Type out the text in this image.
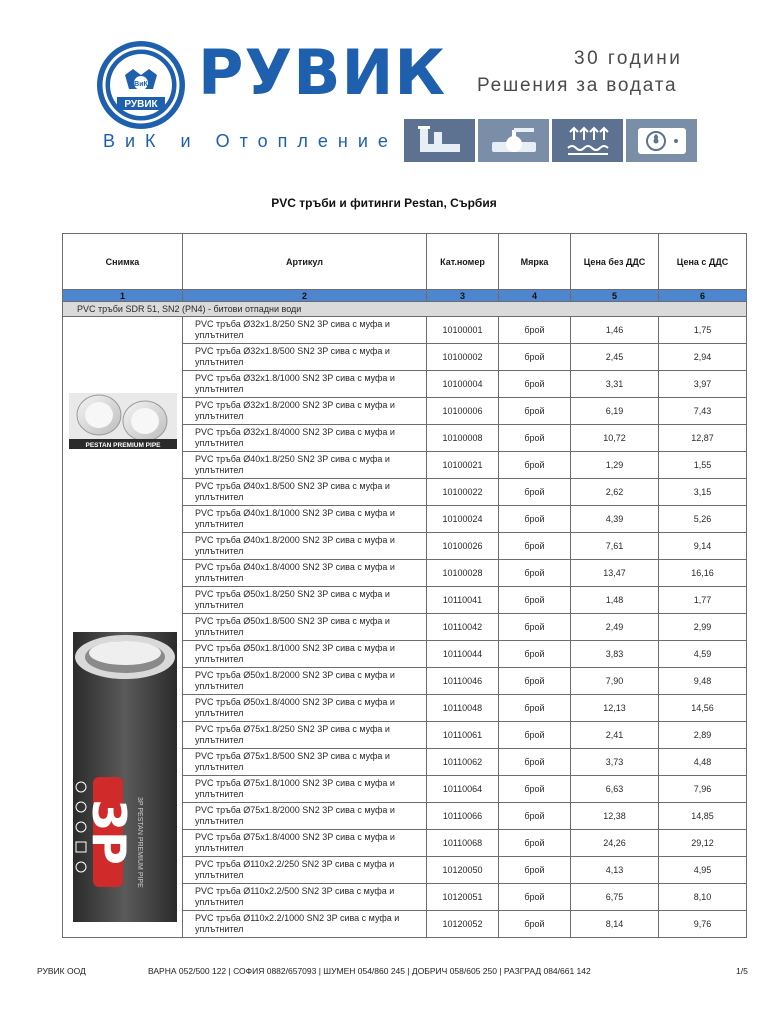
ВиК
РУВИК РУВИК	30 години
Решения за водата
ВиК и Отопление
PVC тръби и фитинги Pestan, Сърбия
Снимка	Артикул	Кат.номер	Мярка	Цена без ДДС	Цена с ДДС
1	2	3	4	5	6
PVC тръби SDR 51, SN2 (PN4) - битови отпадни води					

PESTAN PREMIUM PIPE
3P 3P PESTAN PREMIUM PIPE	PVC тръба Ø32x1.8/250 SN2 3P сива с муфа и уплътнител	10100001	брой	1,46	1,75
	PVC тръба Ø32x1.8/500 SN2 3P сива с муфа и уплътнител	10100002	брой	2,45	2,94
	PVC тръба Ø32x1.8/1000 SN2 3P сива с муфа и уплътнител	10100004	брой	3,31	3,97
	PVC тръба Ø32x1.8/2000 SN2 3P сива с муфа и уплътнител	10100006	брой	6,19	7,43
	PVC тръба Ø32x1.8/4000 SN2 3P сива с муфа и уплътнител	10100008	брой	10,72	12,87
	PVC тръба Ø40x1.8/250 SN2 3P сива с муфа и уплътнител	10100021	брой	1,29	1,55
	PVC тръба Ø40x1.8/500 SN2 3P сива с муфа и уплътнител	10100022	брой	2,62	3,15
	PVC тръба Ø40x1.8/1000 SN2 3P сива с муфа и уплътнител	10100024	брой	4,39	5,26
	PVC тръба Ø40x1.8/2000 SN2 3P сива с муфа и уплътнител	10100026	брой	7,61	9,14
	PVC тръба Ø40x1.8/4000 SN2 3P сива с муфа и уплътнител	10100028	брой	13,47	16,16
	PVC тръба Ø50x1.8/250 SN2 3P сива с муфа и уплътнител	10110041	брой	1,48	1,77
	PVC тръба Ø50x1.8/500 SN2 3P сива с муфа и уплътнител	10110042	брой	2,49	2,99
	PVC тръба Ø50x1.8/1000 SN2 3P сива с муфа и уплътнител	10110044	брой	3,83	4,59
	PVC тръба Ø50x1.8/2000 SN2 3P сива с муфа и уплътнител	10110046	брой	7,90	9,48
	PVC тръба Ø50x1.8/4000 SN2 3P сива с муфа и уплътнител	10110048	брой	12,13	14,56
	PVC тръба Ø75x1.8/250 SN2 3P сива с муфа и уплътнител	10110061	брой	2,41	2,89
	PVC тръба Ø75x1.8/500 SN2 3P сива с муфа и уплътнител	10110062	брой	3,73	4,48
	PVC тръба Ø75x1.8/1000 SN2 3P сива с муфа и уплътнител	10110064	брой	6,63	7,96
	PVC тръба Ø75x1.8/2000 SN2 3P сива с муфа и уплътнител	10110066	брой	12,38	14,85
	PVC тръба Ø75x1.8/4000 SN2 3P сива с муфа и уплътнител	10110068	брой	24,26	29,12
	PVC тръба Ø110x2.2/250 SN2 3P сива с муфа и уплътнител	10120050	брой	4,13	4,95
	PVC тръба Ø110x2.2/500 SN2 3P сива с муфа и уплътнител	10120051	брой	6,75	8,10
	PVC тръба Ø110x2.2/1000 SN2 3P сива с муфа и уплътнител	10120052	брой	8,14	9,76
РУВИК ООД	ВАРНА 052/500 122 | СОФИЯ 0882/657093 | ШУМЕН 054/860 245 | ДОБРИЧ 058/605 250 | РАЗГРАД 084/661 142	1/5
